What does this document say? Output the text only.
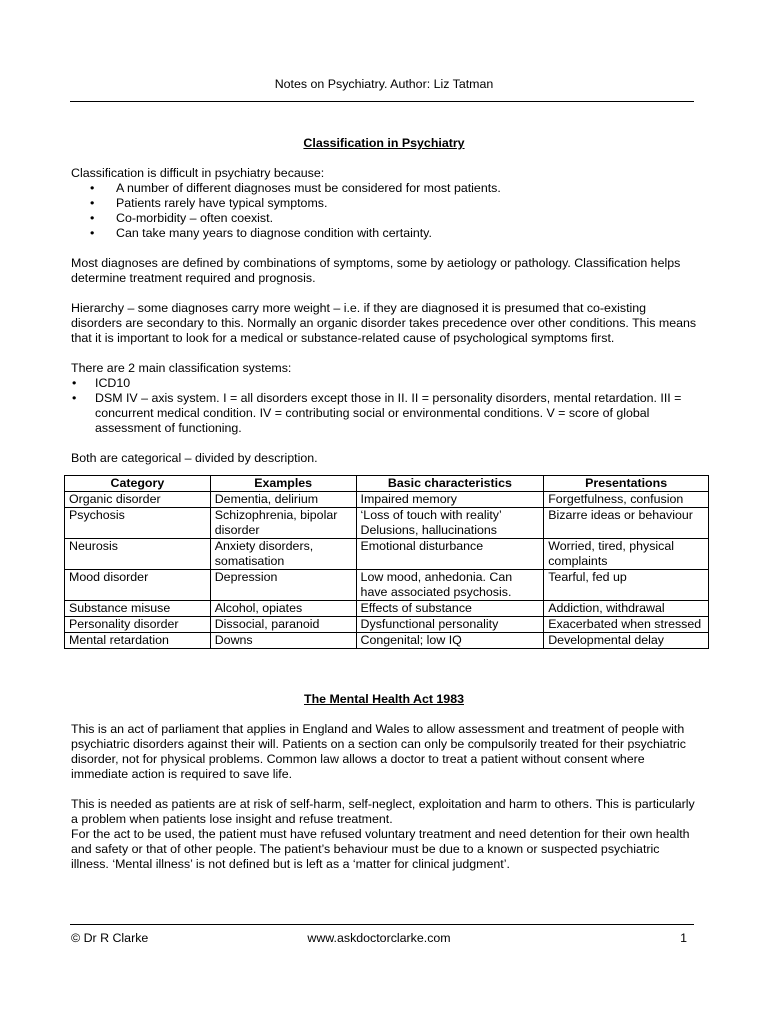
Notes on Psychiatry. Author: Liz Tatman
Classification in Psychiatry

Classification is difficult in psychiatry because:

• A number of different diagnoses must be considered for most patients.
• Patients rarely have typical symptoms.
• Co-morbidity – often coexist.
• Can take many years to diagnose condition with certainty.

Most diagnoses are defined by combinations of symptoms, some by aetiology or pathology. Classification helps determine treatment required and prognosis.

Hierarchy – some diagnoses carry more weight – i.e. if they are diagnosed it is presumed that co-existing disorders are secondary to this. Normally an organic disorder takes precedence over other conditions. This means that it is important to look for a medical or substance-related cause of psychological symptoms first.

There are 2 main classification systems:

• ICD10
• DSM IV – axis system. I = all disorders except those in II. II = personality disorders, mental retardation. III = concurrent medical condition. IV = contributing social or environmental conditions. V = score of global assessment of functioning.

Both are categorical – divided by description.

Category	Examples	Basic characteristics	Presentations
Organic disorder	Dementia, delirium	Impaired memory	Forgetfulness, confusion
Psychosis	Schizophrenia, bipolar disorder	‘Loss of touch with reality’ Delusions, hallucinations	Bizarre ideas or behaviour
Neurosis	Anxiety disorders, somatisation	Emotional disturbance	Worried, tired, physical complaints
Mood disorder	Depression	Low mood, anhedonia. Can have associated psychosis.	Tearful, fed up
Substance misuse	Alcohol, opiates	Effects of substance	Addiction, withdrawal
Personality disorder	Dissocial, paranoid	Dysfunctional personality	Exacerbated when stressed
Mental retardation	Downs	Congenital; low IQ	Developmental delay
The Mental Health Act 1983

This is an act of parliament that applies in England and Wales to allow assessment and treatment of people with psychiatric disorders against their will. Patients on a section can only be compulsorily treated for their psychiatric disorder, not for physical problems. Common law allows a doctor to treat a patient without consent where immediate action is required to save life.

This is needed as patients are at risk of self-harm, self-neglect, exploitation and harm to others. This is particularly a problem when patients lose insight and refuse treatment.

For the act to be used, the patient must have refused voluntary treatment and need detention for their own health and safety or that of other people. The patient’s behaviour must be due to a known or suspected psychiatric illness. ‘Mental illness’ is not defined but is left as a ‘matter for clinical judgment’.

© Dr R Clarke	www.askdoctorclarke.com	1
